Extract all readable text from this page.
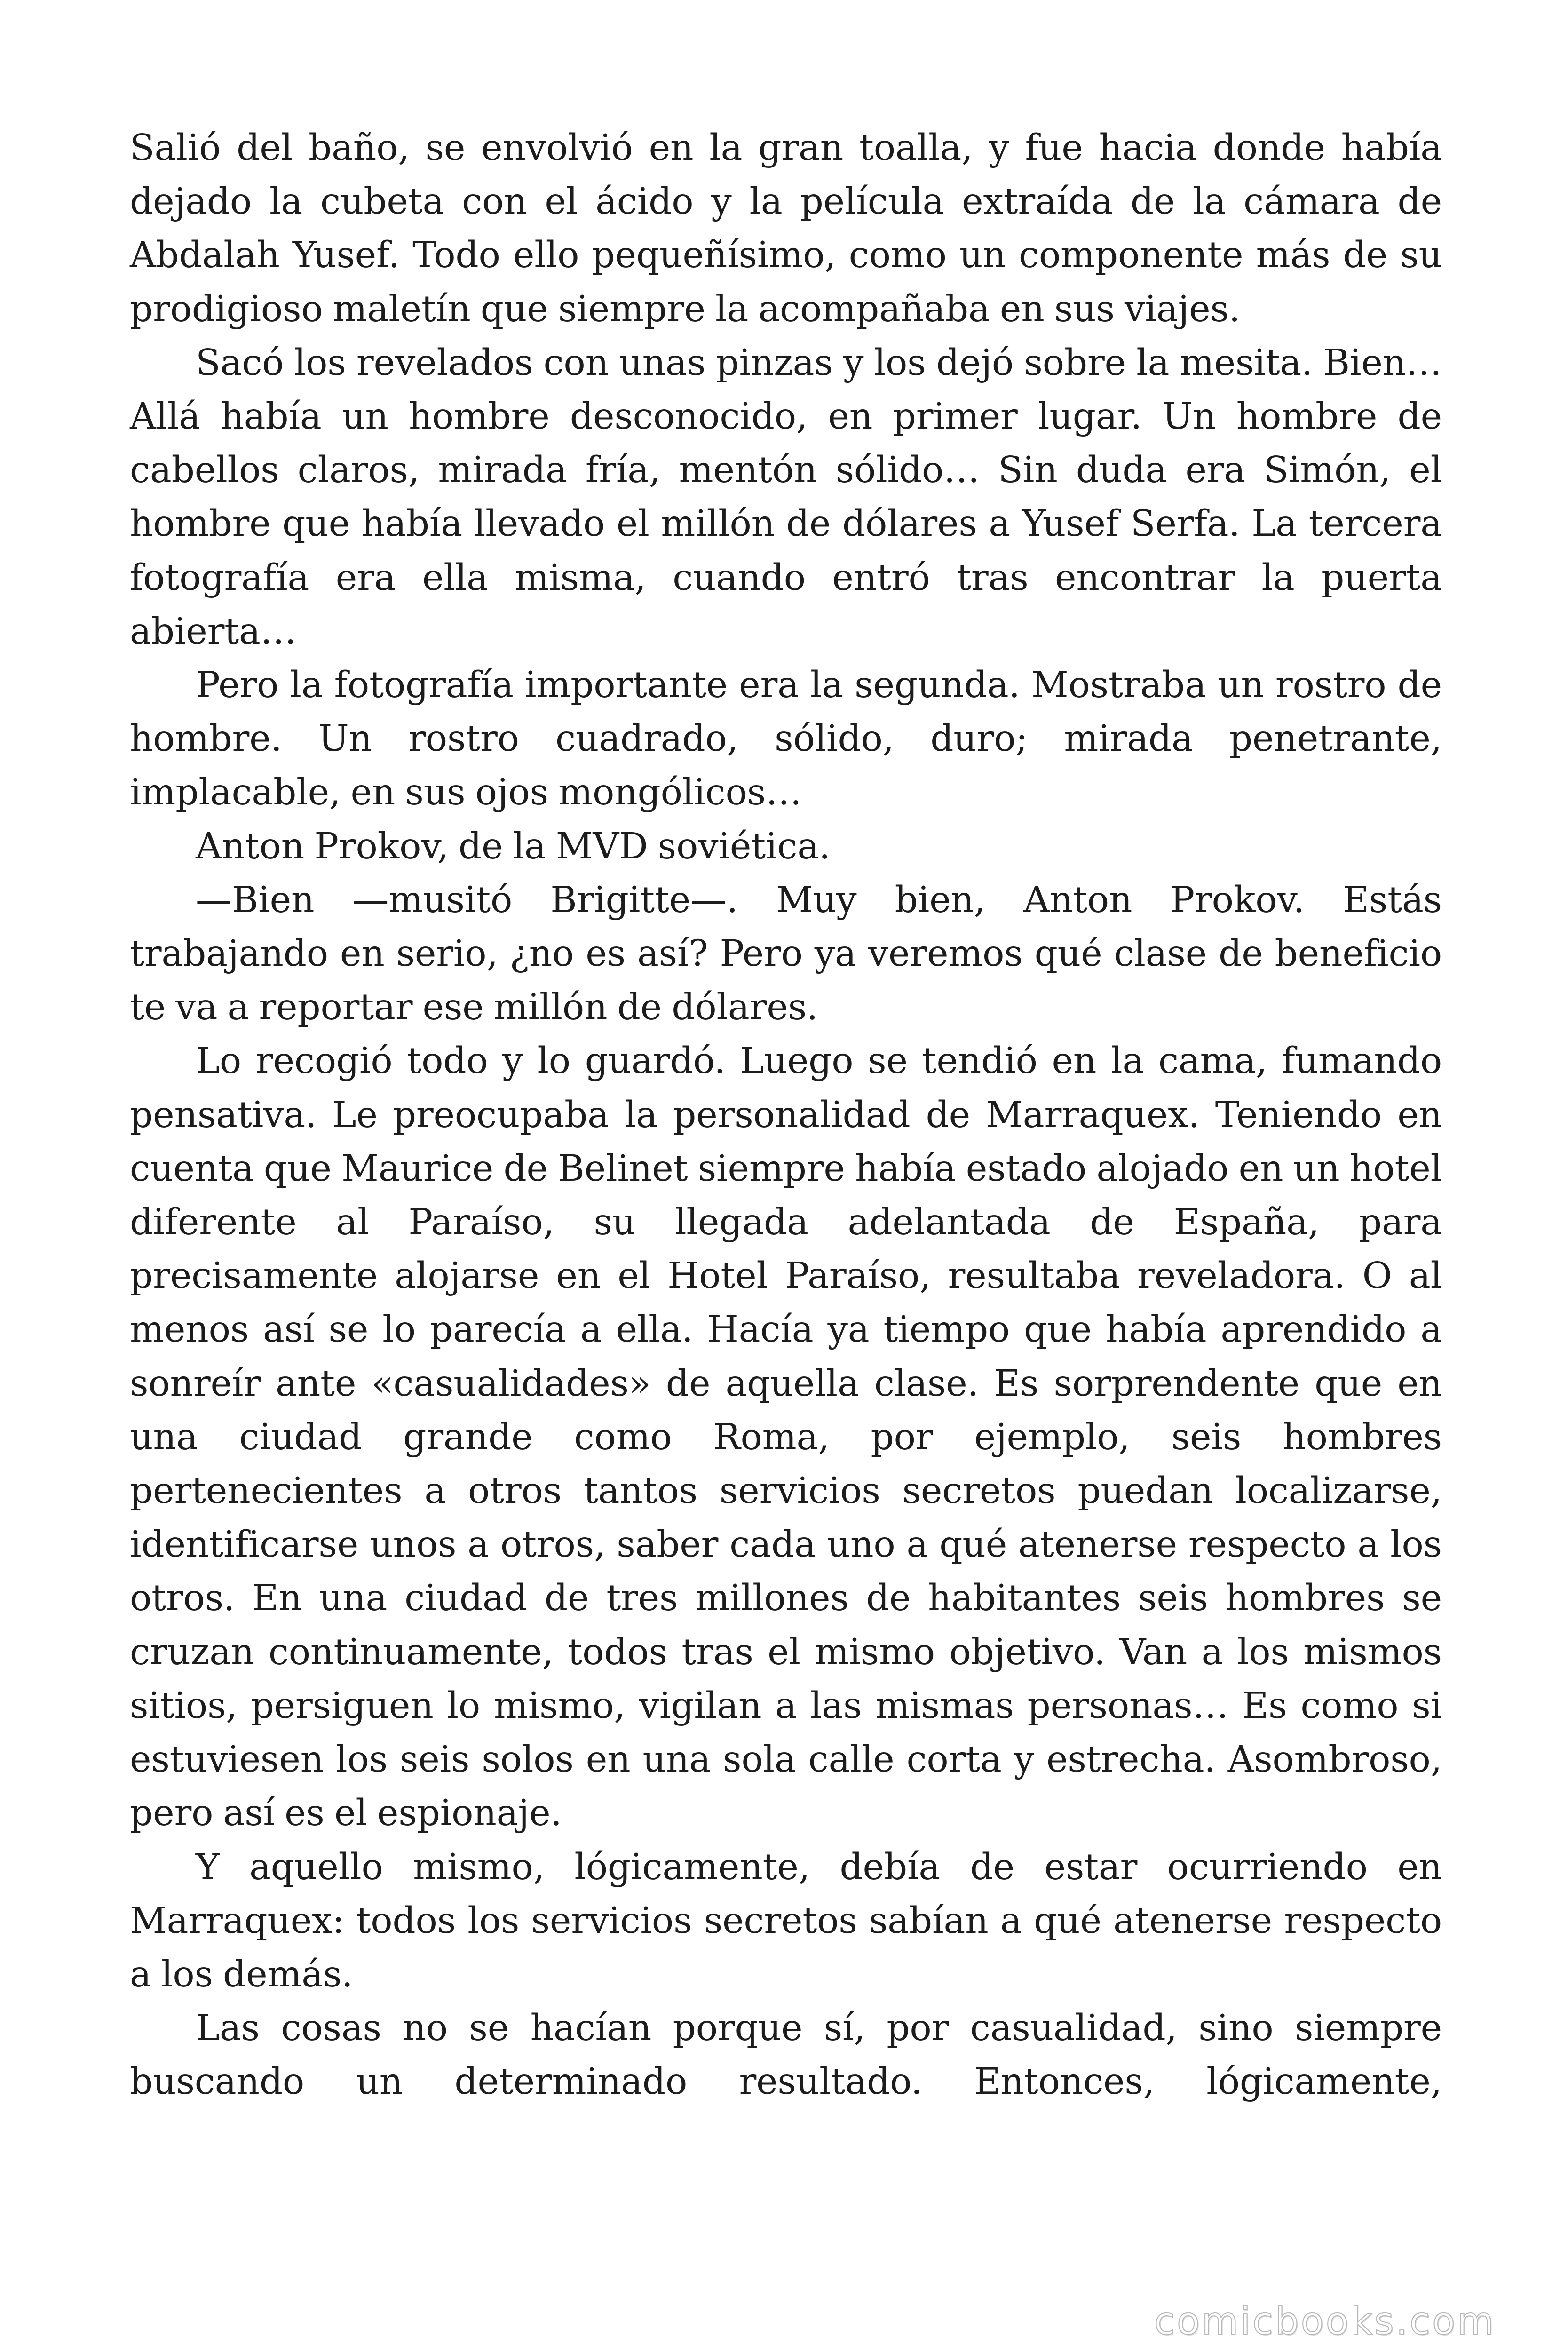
Salió del baño, se envolvió en la gran toalla, y fue hacia donde había dejado la cubeta con el ácido y la película extraída de la cámara de Abdalah Yusef. Todo ello pequeñísimo, como un componente más de su prodigioso maletín que siempre la acompañaba en sus viajes.

Sacó los revelados con unas pinzas y los dejó sobre la mesita. Bien… Allá había un hombre desconocido, en primer lugar. Un hombre de cabellos claros, mirada fría, mentón sólido… Sin duda era Simón, el hombre que había llevado el millón de dólares a Yusef Serfa. La tercera fotografía era ella misma, cuando entró tras encontrar la puerta abierta…

Pero la fotografía importante era la segunda. Mostraba un rostro de hombre. Un rostro cuadrado, sólido, duro; mirada penetrante, implacable, en sus ojos mongólicos…

Anton Prokov, de la MVD soviética.

—Bien —musitó Brigitte—. Muy bien, Anton Prokov. Estás trabajando en serio, ¿no es así? Pero ya veremos qué clase de beneficio te va a reportar ese millón de dólares.

Lo recogió todo y lo guardó. Luego se tendió en la cama, fumando pensativa. Le preocupaba la personalidad de Marraquex. Teniendo en cuenta que Maurice de Belinet siempre había estado alojado en un hotel diferente al Paraíso, su llegada adelantada de España, para precisamente alojarse en el Hotel Paraíso, resultaba reveladora. O al menos así se lo parecía a ella. Hacía ya tiempo que había aprendido a sonreír ante «casualidades» de aquella clase. Es sorprendente que en una ciudad grande como Roma, por ejemplo, seis hombres pertenecientes a otros tantos servicios secretos puedan localizarse, identificarse unos a otros, saber cada uno a qué atenerse respecto a los otros. En una ciudad de tres millones de habitantes seis hombres se cruzan continuamente, todos tras el mismo objetivo. Van a los mismos sitios, persiguen lo mismo, vigilan a las mismas personas… Es como si estuviesen los seis solos en una sola calle corta y estrecha. Asombroso, pero así es el espionaje.

Y aquello mismo, lógicamente, debía de estar ocurriendo en Marraquex: todos los servicios secretos sabían a qué atenerse respecto a los demás.

Las cosas no se hacían porque sí, por casualidad, sino siempre buscando un determinado resultado. Entonces, lógicamente,

comicbooks.com
